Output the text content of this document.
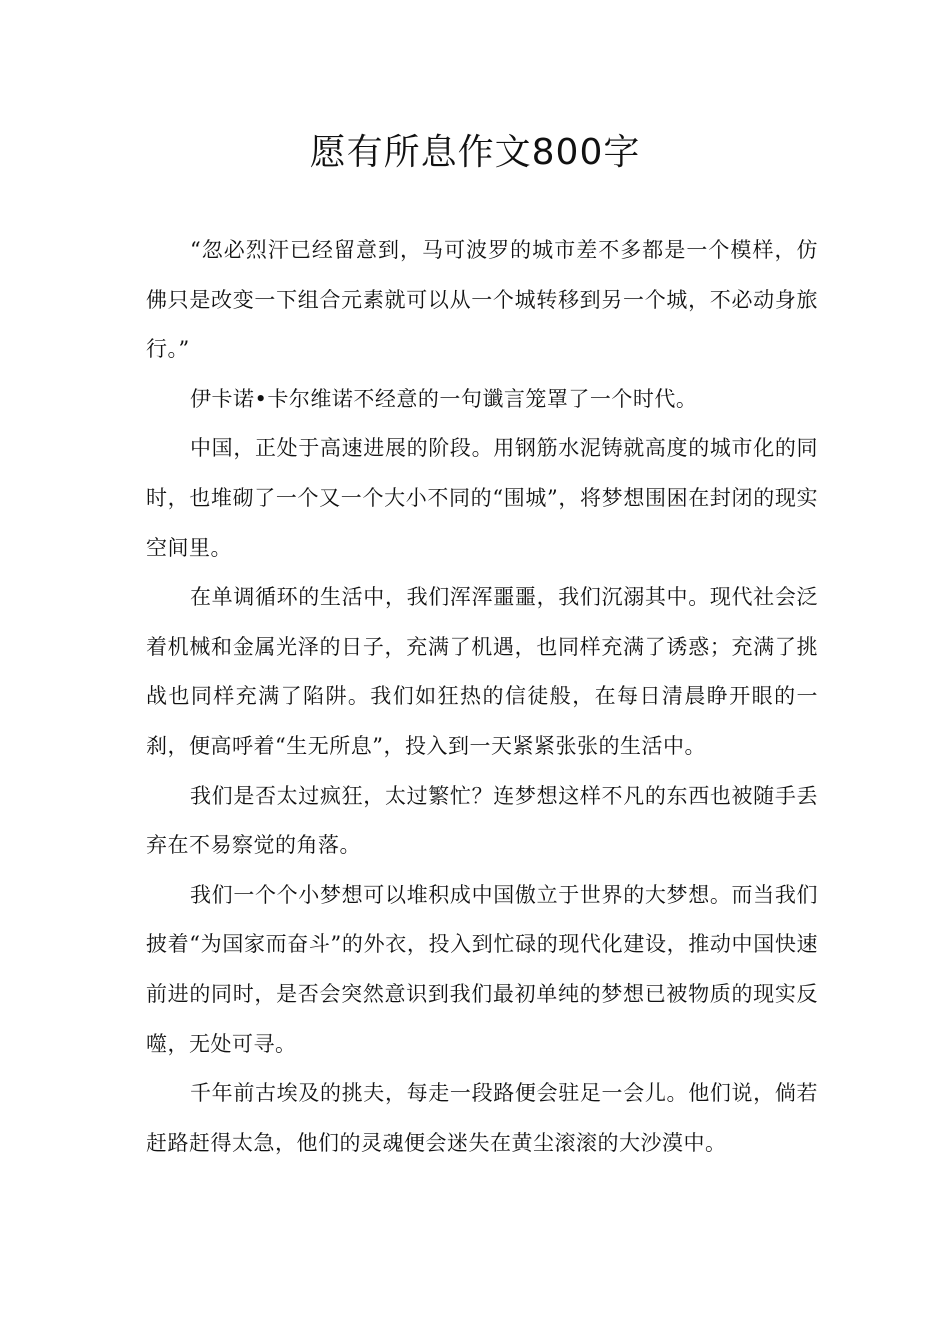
愿有所息作文800字

“忽必烈汗已经留意到，马可波罗的城市差不多都是一个模样，仿佛只是改变一下组合元素就可以从一个城转移到另一个城，不必动身旅行。”

伊卡诺•卡尔维诺不经意的一句谶言笼罩了一个时代。

中国，正处于高速进展的阶段。用钢筋水泥铸就高度的城市化的同时，也堆砌了一个又一个大小不同的“围城”，将梦想围困在封闭的现实空间里。

在单调循环的生活中，我们浑浑噩噩，我们沉溺其中。现代社会泛着机械和金属光泽的日子，充满了机遇，也同样充满了诱惑；充满了挑战也同样充满了陷阱。我们如狂热的信徒般，在每日清晨睁开眼的一刹，便高呼着“生无所息”，投入到一天紧紧张张的生活中。

我们是否太过疯狂，太过繁忙？连梦想这样不凡的东西也被随手丢弃在不易察觉的角落。

我们一个个小梦想可以堆积成中国傲立于世界的大梦想。而当我们披着“为国家而奋斗”的外衣，投入到忙碌的现代化建设，推动中国快速前进的同时，是否会突然意识到我们最初单纯的梦想已被物质的现实反噬，无处可寻。

千年前古埃及的挑夫，每走一段路便会驻足一会儿。他们说，倘若赶路赶得太急，他们的灵魂便会迷失在黄尘滚滚的大沙漠中。
